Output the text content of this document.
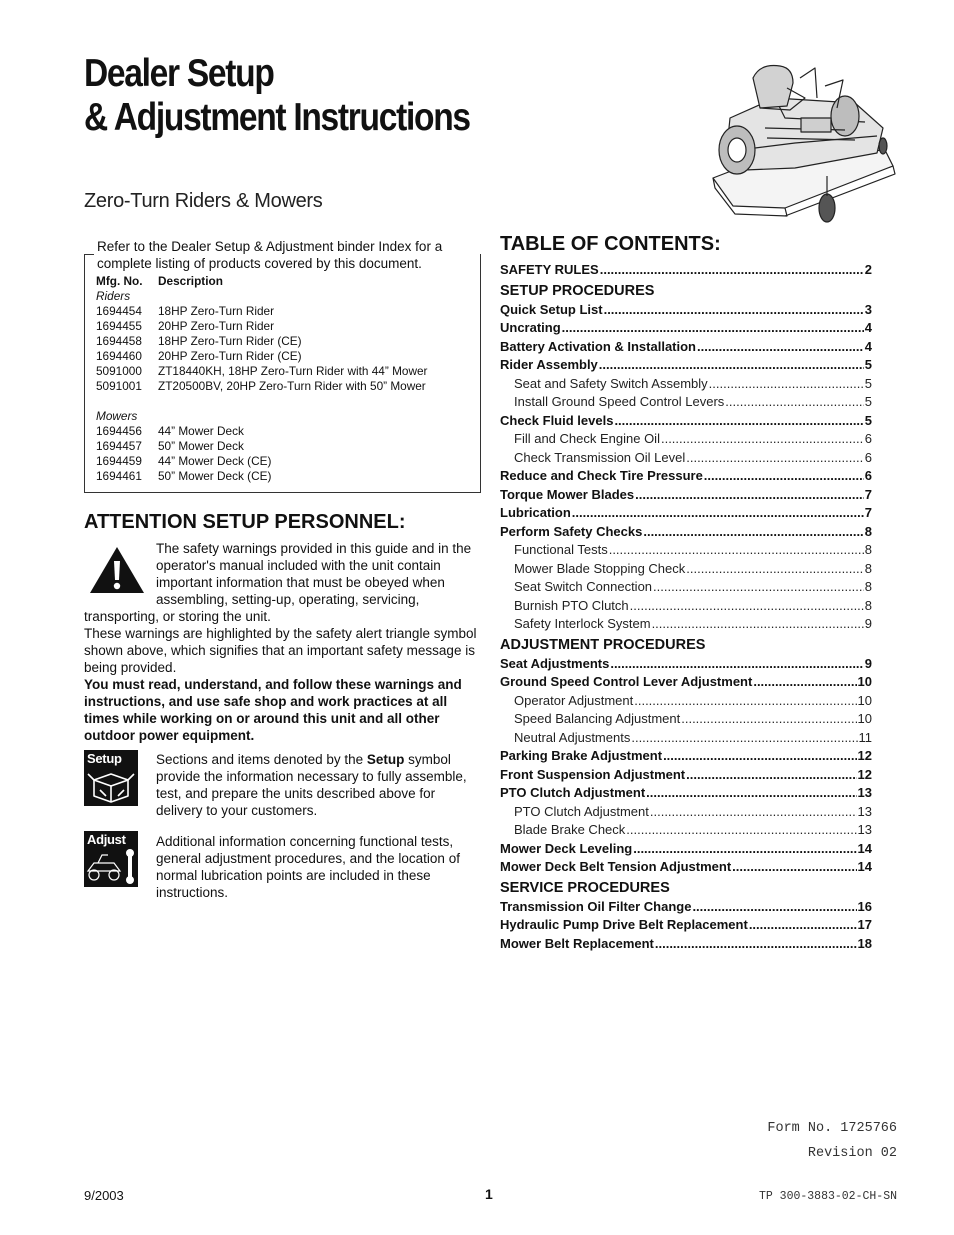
Dealer Setup
& Adjustment Instructions
Zero-Turn Riders & Mowers
Refer to the Dealer Setup & Adjustment binder Index for a complete listing of products covered by this document.
Mfg. No.	Description
Riders
1694454	18HP Zero-Turn Rider
1694455	20HP Zero-Turn Rider
1694458	18HP Zero-Turn Rider (CE)
1694460	20HP Zero-Turn Rider (CE)
5091000	ZT18440KH, 18HP Zero-Turn Rider with 44” Mower
5091001	ZT20500BV, 20HP Zero-Turn Rider with 50” Mower
Mowers
1694456	44” Mower Deck
1694457	50” Mower Deck
1694459	44” Mower Deck (CE)
1694461	50” Mower Deck (CE)
ATTENTION SETUP PERSONNEL:
The safety warnings provided in this guide and in the operator's manual included with the unit contain important information that must be obeyed when assembling, setting-up, operating, servicing, transporting, or storing the unit.
These warnings are highlighted by the safety alert triangle symbol shown above, which signifies that an important safety message is being provided.
You must read, understand, and follow these warnings and instructions, and use safe shop and work practices at all times while working on or around this unit and all other outdoor power equipment.
Setup	Sections and items denoted by the Setup symbol provide the information necessary to fully assemble, test, and prepare the units described above for delivery to your customers.
Adjust	Additional information concerning functional tests, general adjustment procedures, and the location of normal lubrication points are included in these instructions.
TABLE OF CONTENTS:
SAFETY RULES .....	2
SETUP PROCEDURES
Quick Setup List .....	3
Uncrating .....	4
Battery Activation & Installation .....	4
Rider Assembly .....	5
Seat and Safety Switch Assembly .....	5
Install Ground Speed Control Levers .....	5
Check Fluid levels .....	5
Fill and Check Engine Oil .....	6
Check Transmission Oil Level .....	6
Reduce and Check Tire Pressure .....	6
Torque Mower Blades .....	7
Lubrication .....	7
Perform Safety Checks .....	8
Functional Tests .....	8
Mower Blade Stopping Check .....	8
Seat Switch Connection .....	8
Burnish PTO Clutch .....	8
Safety Interlock System .....	9
ADJUSTMENT PROCEDURES
Seat Adjustments .....	9
Ground Speed Control Lever Adjustment .....	10
Operator Adjustment .....	10
Speed Balancing Adjustment .....	10
Neutral Adjustments .....	11
Parking Brake Adjustment .....	12
Front Suspension Adjustment .....	12
PTO Clutch Adjustment .....	13
PTO Clutch Adjustment .....	13
Blade Brake Check .....	13
Mower Deck Leveling .....	14
Mower Deck Belt Tension Adjustment .....	14
SERVICE PROCEDURES
Transmission Oil Filter Change .....	16
Hydraulic Pump Drive Belt Replacement .....	17
Mower Belt Replacement .....	18
Form No. 1725766
Revision 02
9/2003	1	TP 300-3883-02-CH-SN
